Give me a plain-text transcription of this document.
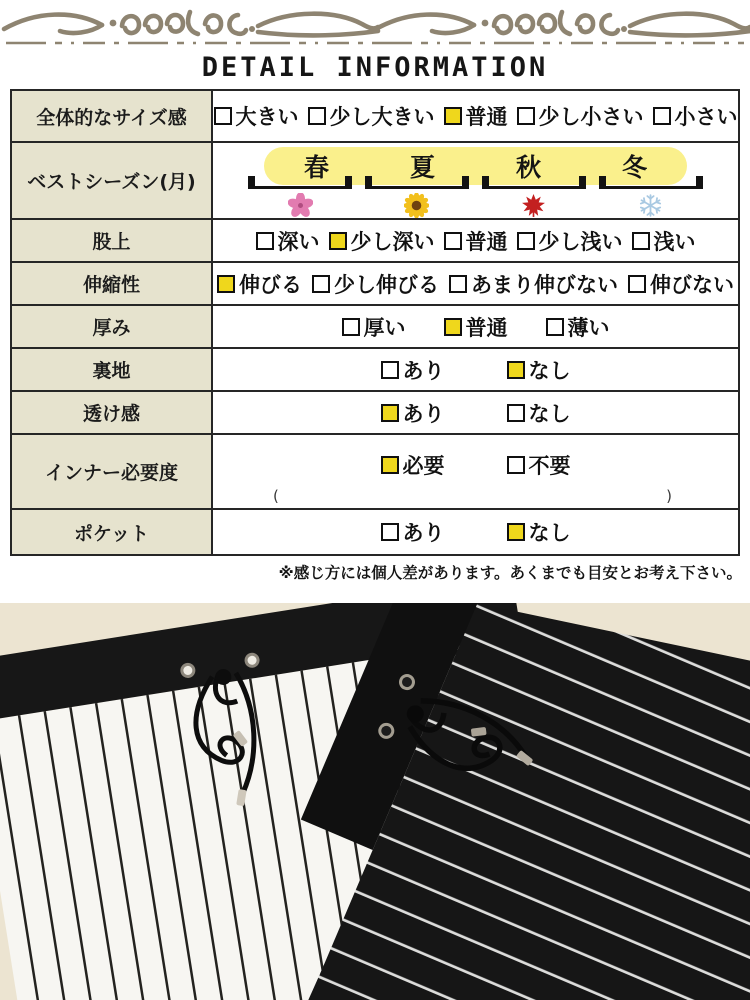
DETAIL INFORMATION
全体的なサイズ感	大きい 少し大きい 普通 少し小さい 小さい

ベストシーズン(月)	春 夏 秋 冬

股上	深い 少し深い 普通 少し浅い 浅い

伸縮性	伸びる 少し伸びる あまり伸びない 伸びない

厚み	厚い 普通 薄い

裏地	あり なし

透け感	あり なし

インナー必要度	必要 不要
( )

ポケット	あり なし
※感じ方には個人差があります。あくまでも目安とお考え下さい。
